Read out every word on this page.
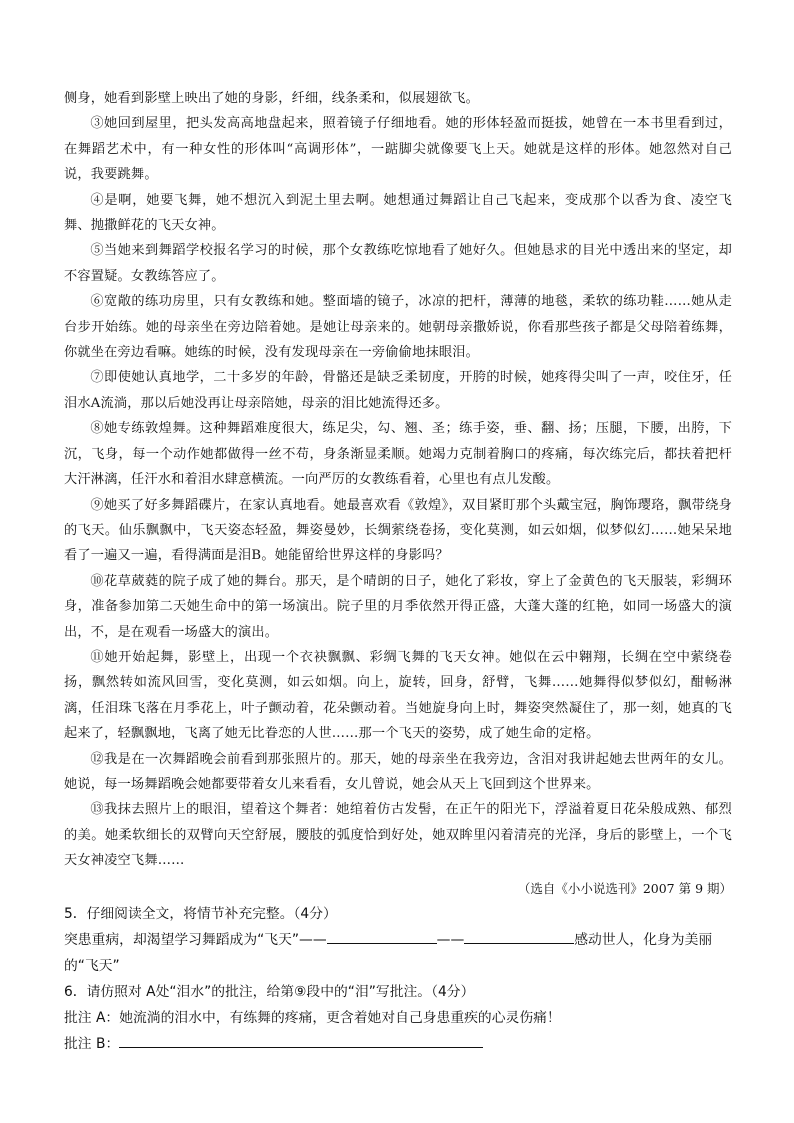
侧身，她看到影壁上映出了她的身影，纤细，线条柔和，似展翅欲飞。

③她回到屋里，把头发高高地盘起来，照着镜子仔细地看。她的形体轻盈而挺拔，她曾在一本书里看到过，在舞蹈艺术中，有一种女性的形体叫“高调形体”，一踮脚尖就像要飞上天。她就是这样的形体。她忽然对自己说，我要跳舞。

④是啊，她要飞舞，她不想沉入到泥土里去啊。她想通过舞蹈让自己飞起来，变成那个以香为食、凌空飞舞、抛撒鲜花的飞天女神。

⑤当她来到舞蹈学校报名学习的时候，那个女教练吃惊地看了她好久。但她恳求的目光中透出来的坚定，却不容置疑。女教练答应了。

⑥宽敞的练功房里，只有女教练和她。整面墙的镜子，冰凉的把杆，薄薄的地毯，柔软的练功鞋……她从走台步开始练。她的母亲坐在旁边陪着她。是她让母亲来的。她朝母亲撒娇说，你看那些孩子都是父母陪着练舞，你就坐在旁边看嘛。她练的时候，没有发现母亲在一旁偷偷地抹眼泪。

⑦即使她认真地学，二十多岁的年龄，骨骼还是缺乏柔韧度，开胯的时候，她疼得尖叫了一声，咬住牙，任泪水A流淌，那以后她没再让母亲陪她，母亲的泪比她流得还多。

⑧她专练敦煌舞。这种舞蹈难度很大，练足尖，勾、翘、圣；练手姿，垂、翻、扬；压腿，下腰，出胯，下沉，飞身，每一个动作她都做得一丝不苟，身条渐显柔顺。她竭力克制着胸口的疼痛，每次练完后，都扶着把杆大汗淋漓，任汗水和着泪水肆意横流。一向严厉的女教练看着，心里也有点儿发酸。

⑨她买了好多舞蹈碟片，在家认真地看。她最喜欢看《敦煌》，双目紧盯那个头戴宝冠，胸饰璎珞，飘带绕身的飞天。仙乐飘飘中，飞天姿态轻盈，舞姿曼妙，长绸萦绕卷扬，变化莫测，如云如烟，似梦似幻……她呆呆地看了一遍又一遍，看得满面是泪B。她能留给世界这样的身影吗？

⑩花草葳蕤的院子成了她的舞台。那天，是个晴朗的日子，她化了彩妆，穿上了金黄色的飞天服装，彩绸环身，准备参加第二天她生命中的第一场演出。院子里的月季依然开得正盛，大蓬大蓬的红艳，如同一场盛大的演出，不，是在观看一场盛大的演出。

⑪她开始起舞，影壁上，出现一个衣袂飘飘、彩绸飞舞的飞天女神。她似在云中翱翔，长绸在空中萦绕卷扬，飘然转如流风回雪，变化莫测，如云如烟。向上，旋转，回身，舒臂，飞舞……她舞得似梦似幻，酣畅淋漓，任泪珠飞落在月季花上，叶子颤动着，花朵颤动着。当她旋身向上时，舞姿突然凝住了，那一刻，她真的飞起来了，轻飘飘地，飞离了她无比眷恋的人世……那一个飞天的姿势，成了她生命的定格。

⑫我是在一次舞蹈晚会前看到那张照片的。那天，她的母亲坐在我旁边，含泪对我讲起她去世两年的女儿。她说，每一场舞蹈晚会她都要带着女儿来看看，女儿曾说，她会从天上飞回到这个世界来。

⑬我抹去照片上的眼泪，望着这个舞者：她绾着仿古发髻，在正午的阳光下，浮溢着夏日花朵般成熟、郁烈的美。她柔软细长的双臂向天空舒展，腰肢的弧度恰到好处，她双眸里闪着清亮的光泽，身后的影壁上，一个飞天女神凌空飞舞……

（选自《小小说选刊》2007 第 9 期）

5．仔细阅读全文，将情节补充完整。（4分）

突患重病，却渴望学习舞蹈成为“飞天”——	——	感动世人，化身为美丽

的“飞天”

6．请仿照对 A处“泪水”的批注，给第⑨段中的“泪”写批注。（4分）

批注 A：她流淌的泪水中，有练舞的疼痛，更含着她对自己身患重疾的心灵伤痛！

批注 B：
